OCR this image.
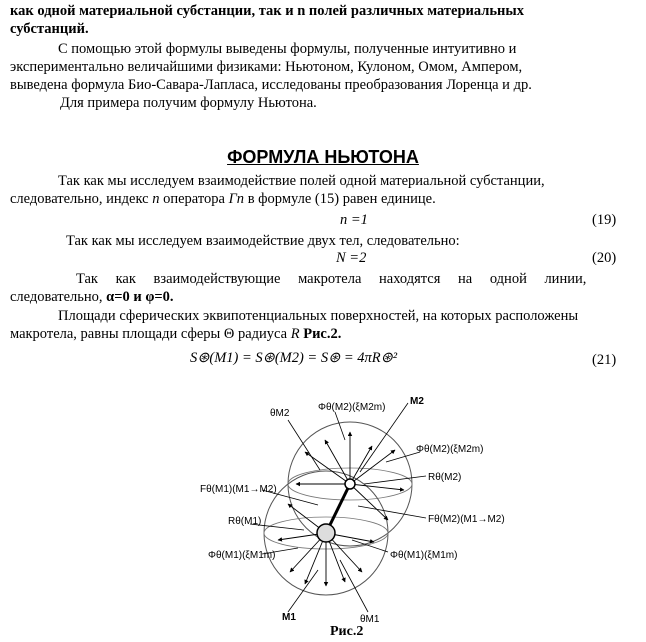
как одной материальной субстанции, так и n полей различных материальных
субстанций.
С помощью этой формулы выведены формулы, полученные интуитивно и
экспериментально величайшими физиками: Ньютоном, Кулоном, Омом, Ампером,
выведена формула Био-Савара-Лапласа, исследованы преобразования Лоренца и др.
Для примера получим формулу Ньютона.
ФОРМУЛА НЬЮТОНА
Так как мы исследуем взаимодействие полей одной материальной субстанции,
следовательно, индекс n оператора Гn в формуле (15) равен единице.
n =1	(19)
Так как мы исследуем взаимодействие двух тел, следовательно:
N =2	(20)
Так как взаимодействующие макротела находятся на одной линии,
следовательно, α=0 и φ=0.
Площади сферических эквипотенциальных поверхностей, на которых расположены
макротела, равны площади сферы Θ радиуса R Рис.2.
S⊛(M1) = S⊛(M2) = S⊛ = 4πR⊛²	(21)
θM2
Φθ(M2)(ξM2m)
M2
Φθ(M2)(ξM2m)
Fθ(M1)(M1→M2)
Rθ(M2)
Rθ(M1)	Fθ(M2)(M1→M2)
Φθ(M1)(ξM1m)	Φθ(M1)(ξM1m)
M1	θM1
Рис.2
